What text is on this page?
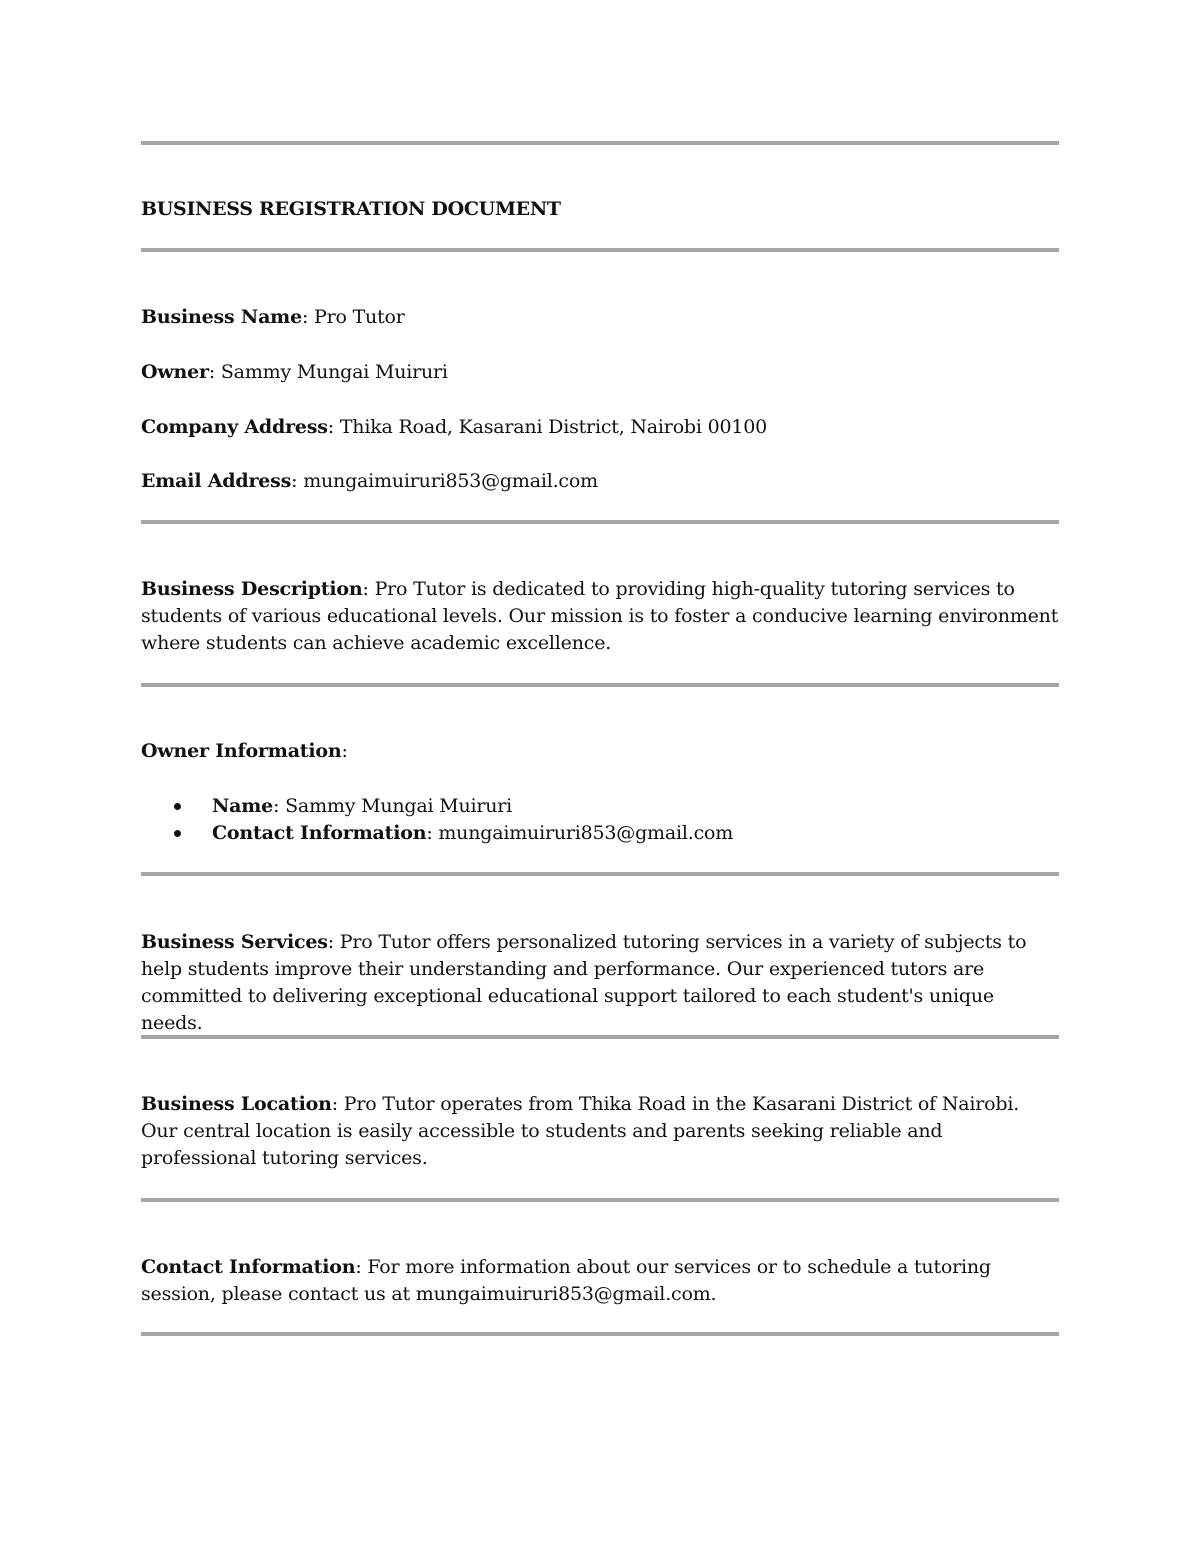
BUSINESS REGISTRATION DOCUMENT

Business Name: Pro Tutor

Owner: Sammy Mungai Muiruri

Company Address: Thika Road, Kasarani District, Nairobi 00100

Email Address: mungaimuiruri853@gmail.com

Business Description: Pro Tutor is dedicated to providing high-quality tutoring services to students of various educational levels. Our mission is to foster a conducive learning environment where students can achieve academic excellence.

Owner Information:

Name: Sammy Mungai Muiruri
Contact Information: mungaimuiruri853@gmail.com

Business Services: Pro Tutor offers personalized tutoring services in a variety of subjects to help students improve their understanding and performance. Our experienced tutors are committed to delivering exceptional educational support tailored to each student's unique needs.

Business Location: Pro Tutor operates from Thika Road in the Kasarani District of Nairobi. Our central location is easily accessible to students and parents seeking reliable and professional tutoring services.

Contact Information: For more information about our services or to schedule a tutoring session, please contact us at mungaimuiruri853@gmail.com.
